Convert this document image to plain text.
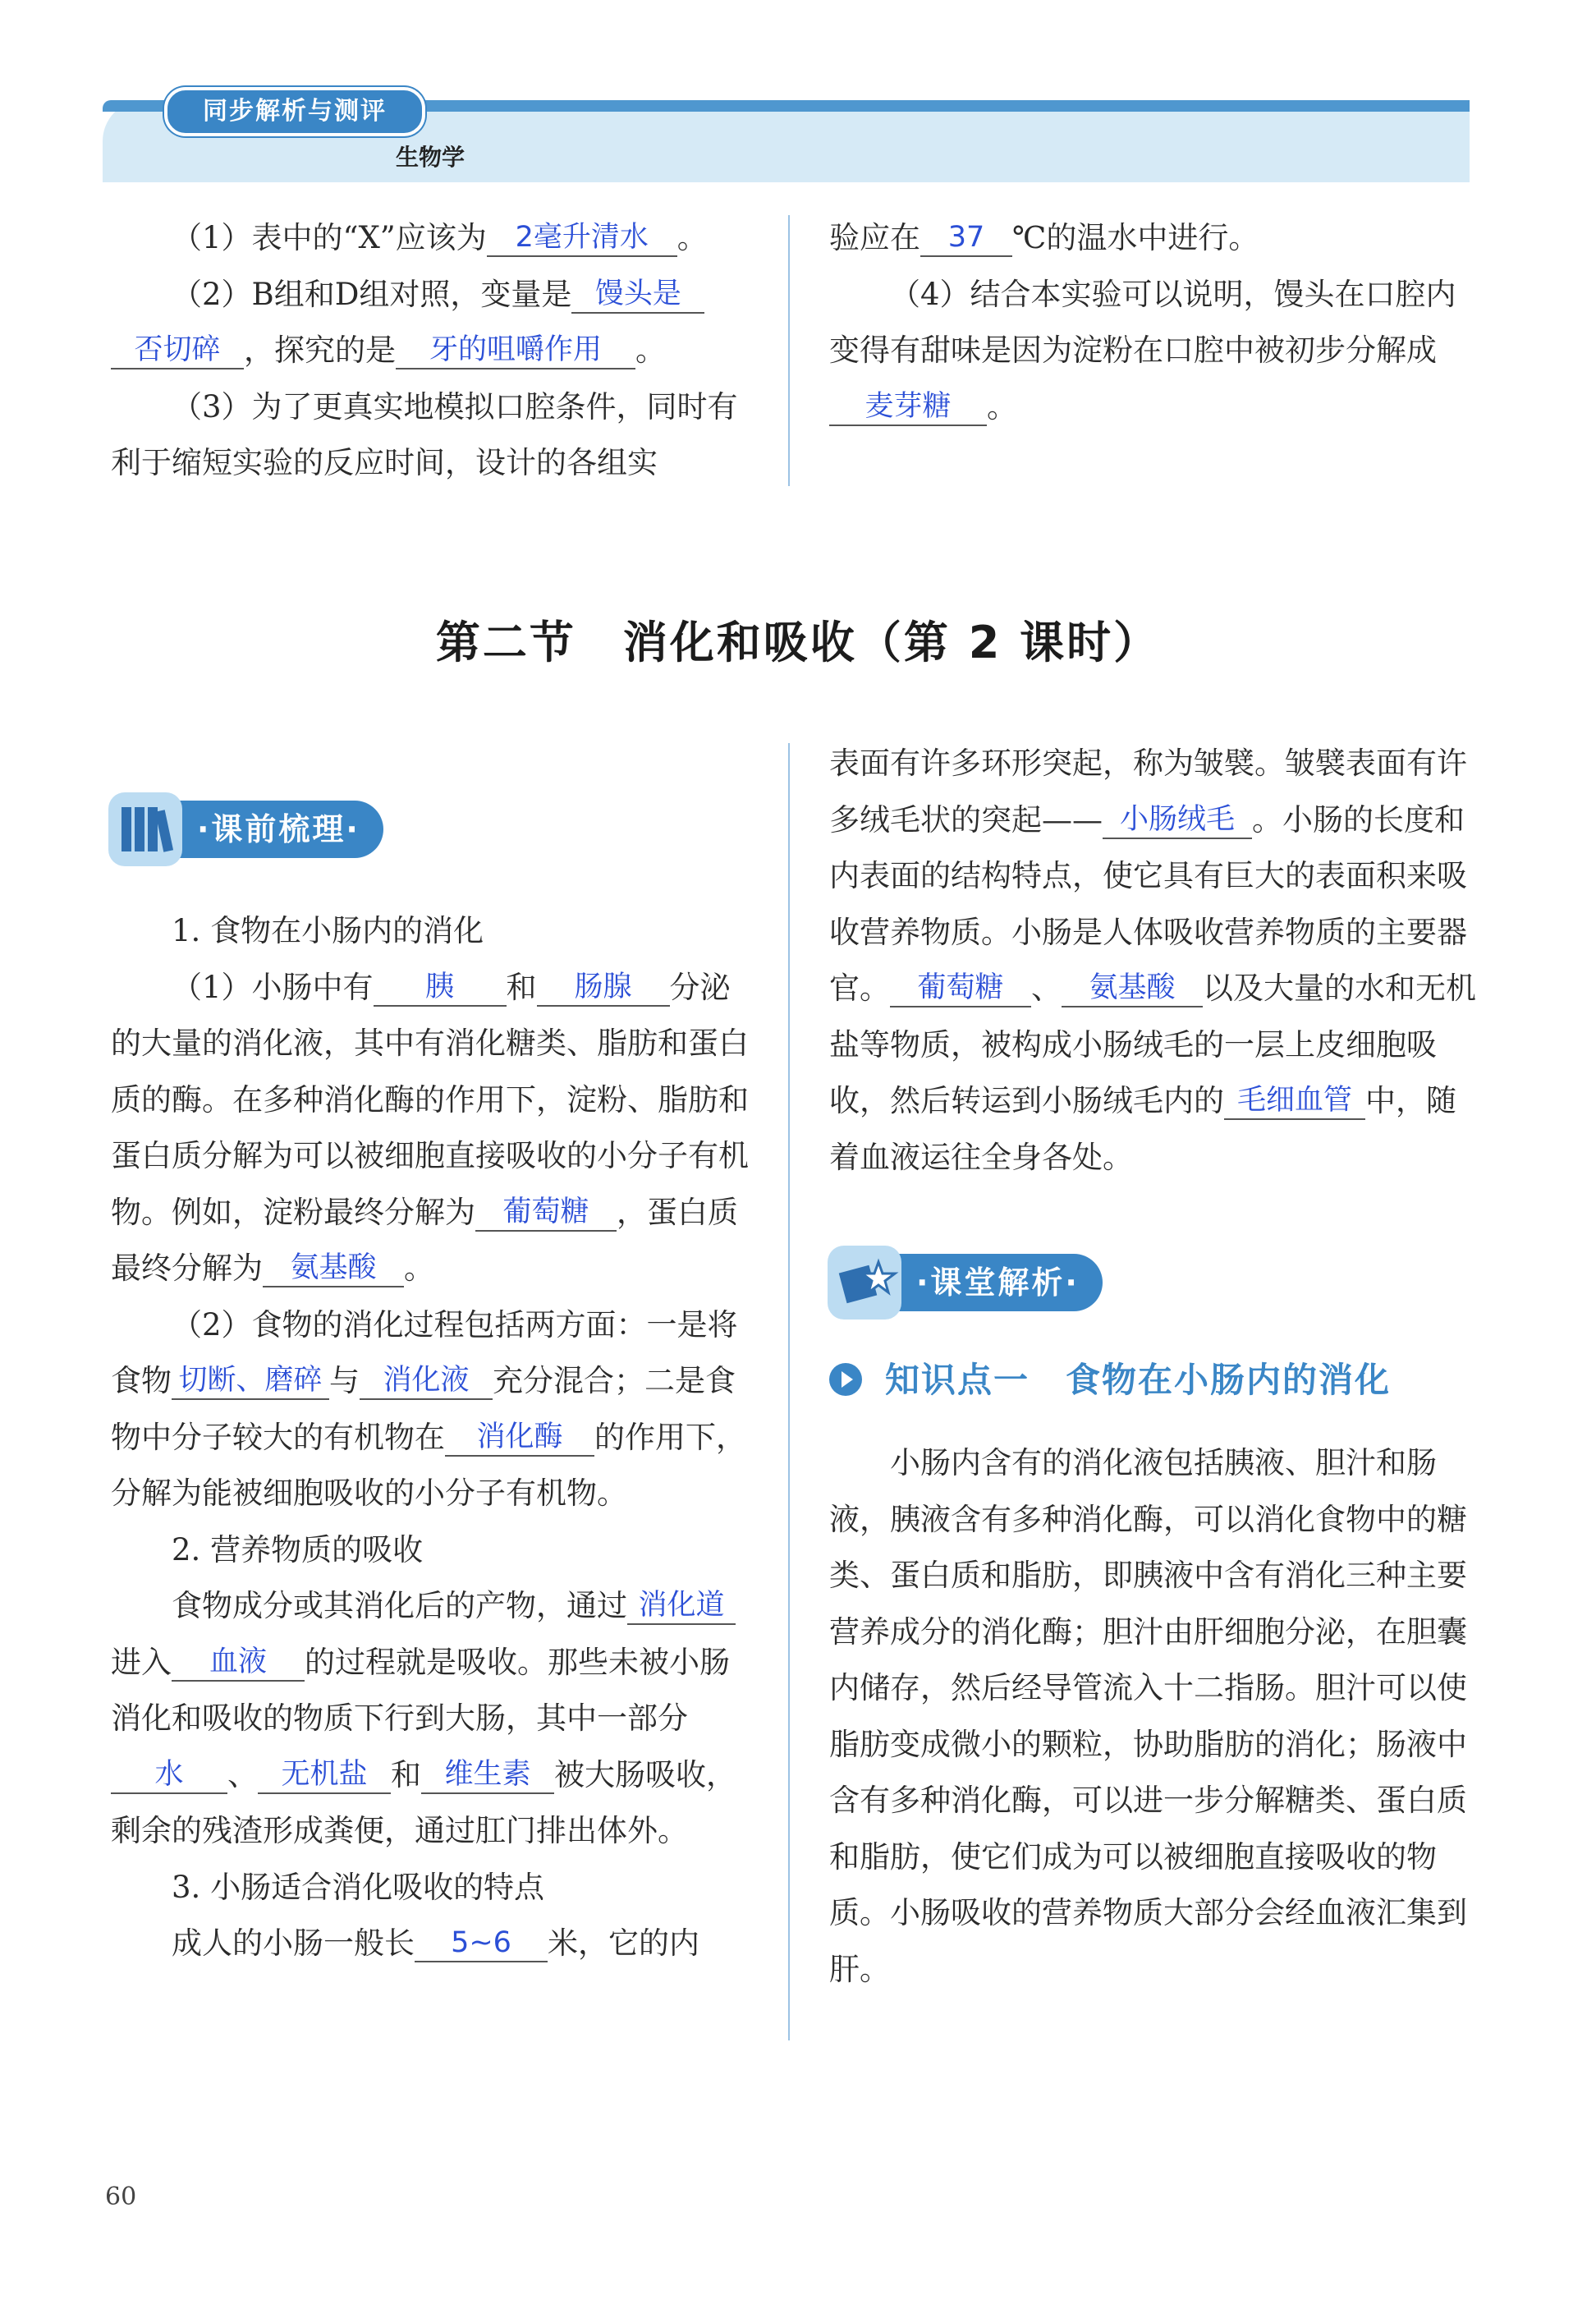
同步解析与测评
生物学

（1）表中的“X”应该为 2毫升清水 。

（2）B组和D组对照，变量是 馒头是否切碎 ，探究的是 牙的咀嚼作用 。

（3）为了更真实地模拟口腔条件，同时有利于缩短实验的反应时间，设计的各组实

验应在 37 ℃的温水中进行。

（4）结合本实验可以说明，馒头在口腔内变得有甜味是因为淀粉在口腔中被初步分解成麦芽糖 。

第二节　消化和吸收（第 2 课时）
·课前梳理·

1. 食物在小肠内的消化

（1）小肠中有 胰 和 肠腺 分泌的大量的消化液，其中有消化糖类、脂肪和蛋白质的酶。在多种消化酶的作用下，淀粉、脂肪和蛋白质分解为可以被细胞直接吸收的小分子有机物。例如，淀粉最终分解为 葡萄糖 ，蛋白质最终分解为 氨基酸 。

（2）食物的消化过程包括两方面：一是将食物 切断、磨碎 与 消化液 充分混合；二是食物中分子较大的有机物在 消化酶 的作用下，分解为能被细胞吸收的小分子有机物。

2. 营养物质的吸收

食物成分或其消化后的产物，通过 消化道进入 血液 的过程就是吸收。那些未被小肠消化和吸收的物质下行到大肠，其中一部分水 、 无机盐 和 维生素 被大肠吸收，剩余的残渣形成粪便，通过肛门排出体外。

3. 小肠适合消化吸收的特点

成人的小肠一般长 5~6 米，它的内

表面有许多环形突起，称为皱襞。皱襞表面有许多绒毛状的突起—— 小肠绒毛 。小肠的长度和内表面的结构特点，使它具有巨大的表面积来吸收营养物质。小肠是人体吸收营养物质的主要器官。 葡萄糖 、 氨基酸 以及大量的水和无机盐等物质，被构成小肠绒毛的一层上皮细胞吸收，然后转运到小肠绒毛内的 毛细血管 中，随着血液运往全身各处。

·课堂解析·
知识点一　食物在小肠内的消化

小肠内含有的消化液包括胰液、胆汁和肠液，胰液含有多种消化酶，可以消化食物中的糖类、蛋白质和脂肪，即胰液中含有消化三种主要营养成分的消化酶；胆汁由肝细胞分泌，在胆囊内储存，然后经导管流入十二指肠。胆汁可以使脂肪变成微小的颗粒，协助脂肪的消化；肠液中含有多种消化酶，可以进一步分解糖类、蛋白质和脂肪，使它们成为可以被细胞直接吸收的物质。小肠吸收的营养物质大部分会经血液汇集到肝。

60
